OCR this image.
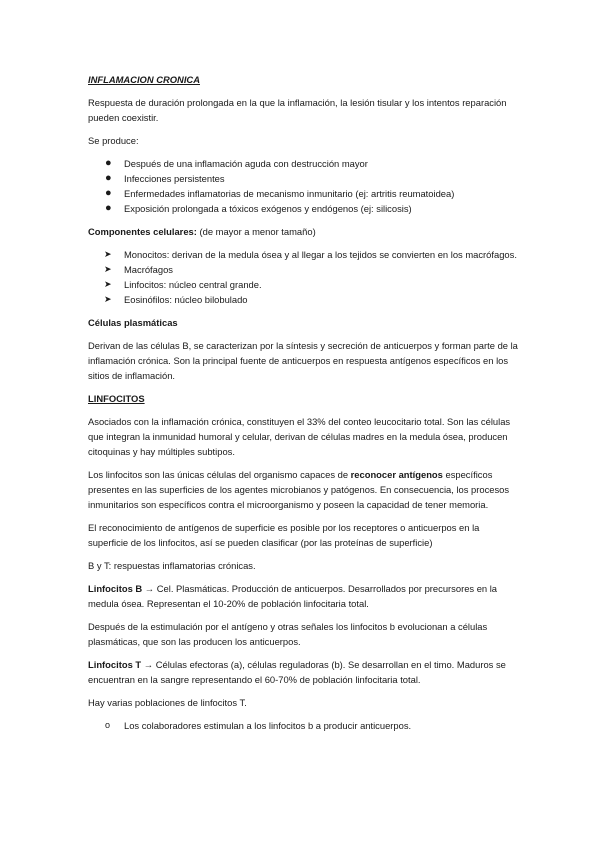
INFLAMACION CRONICA

Respuesta de duración prolongada en la que la inflamación, la lesión tisular y los intentos reparación pueden coexistir.

Se produce:

● Después de una inflamación aguda con destrucción mayor
● Infecciones persistentes
● Enfermedades inflamatorias de mecanismo inmunitario (ej: artritis reumatoidea)
● Exposición prolongada a tóxicos exógenos y endógenos (ej: silicosis)

Componentes celulares: (de mayor a menor tamaño)

➤ Monocitos: derivan de la medula ósea y al llegar a los tejidos se convierten en los macrófagos.
➤ Macrófagos
➤ Linfocitos: núcleo central grande.
➤ Eosinófilos: núcleo bilobulado

Células plasmáticas

Derivan de las células B, se caracterizan por la síntesis y secreción de anticuerpos y forman parte de la inflamación crónica. Son la principal fuente de anticuerpos en respuesta antígenos específicos en los sitios de inflamación.

LINFOCITOS

Asociados con la inflamación crónica, constituyen el 33% del conteo leucocitario total. Son las células que integran la inmunidad humoral y celular, derivan de células madres en la medula ósea, producen citoquinas y hay múltiples subtipos.

Los linfocitos son las únicas células del organismo capaces de reconocer antígenos específicos presentes en las superficies de los agentes microbianos y patógenos. En consecuencia, los procesos inmunitarios son específicos contra el microorganismo y poseen la capacidad de tener memoria.

El reconocimiento de antígenos de superficie es posible por los receptores o anticuerpos en la superficie de los linfocitos, así se pueden clasificar (por las proteínas de superficie)

B y T: respuestas inflamatorias crónicas.

Linfocitos B → Cel. Plasmáticas. Producción de anticuerpos. Desarrollados por precursores en la medula ósea. Representan el 10-20% de población linfocitaria total.

Después de la estimulación por el antígeno y otras señales los linfocitos b evolucionan a células plasmáticas, que son las producen los anticuerpos.

Linfocitos T → Células efectoras (a), células reguladoras (b). Se desarrollan en el timo. Maduros se encuentran en la sangre representando el 60-70% de población linfocitaria total.

Hay varias poblaciones de linfocitos T.

o Los colaboradores estimulan a los linfocitos b a producir anticuerpos.
